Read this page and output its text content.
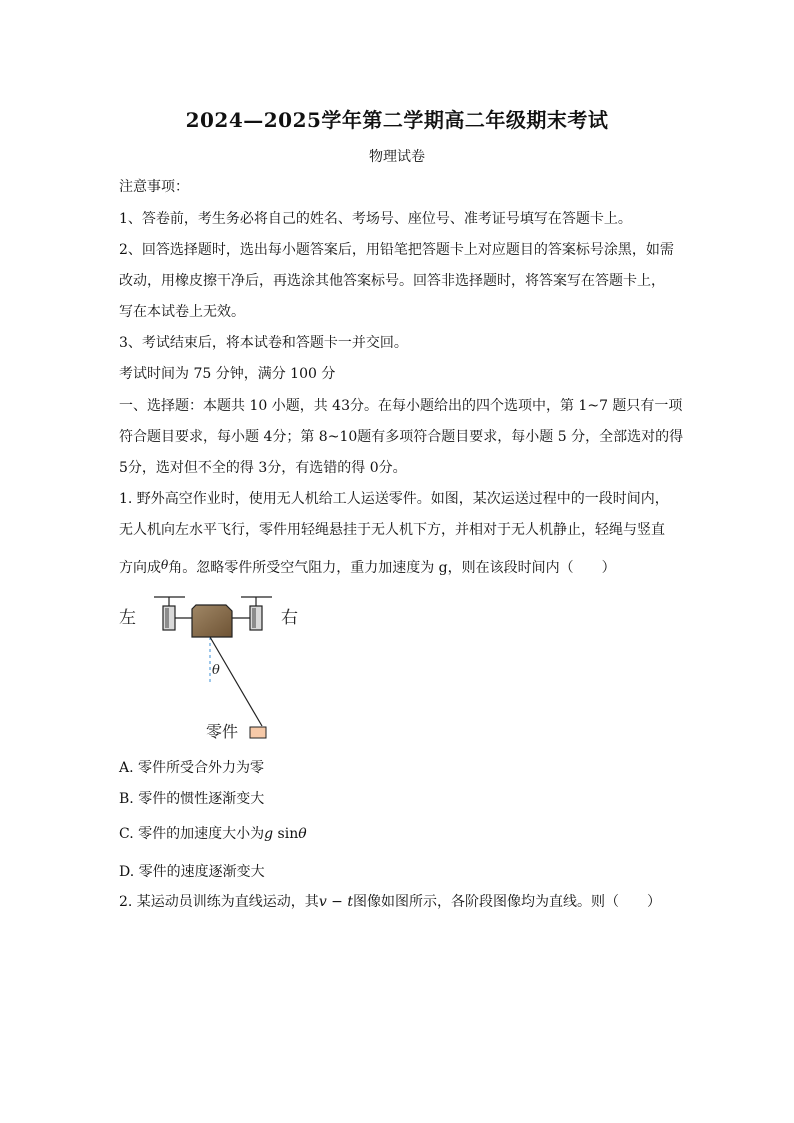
2024—2025学年第二学期高二年级期末考试
物理试卷
注意事项：
1、答卷前，考生务必将自己的姓名、考场号、座位号、准考证号填写在答题卡上。
2、回答选择题时，选出每小题答案后，用铅笔把答题卡上对应题目的答案标号涂黑，如需
改动，用橡皮擦干净后，再选涂其他答案标号。回答非选择题时，将答案写在答题卡上，
写在本试卷上无效。
3、考试结束后，将本试卷和答题卡一并交回。
考试时间为 75 分钟，满分 100 分
一、选择题：本题共 10 小题，共 43分。在每小题给出的四个选项中，第 1~7 题只有一项
符合题目要求，每小题 4分；第 8~10题有多项符合题目要求，每小题 5 分，全部选对的得
5分，选对但不全的得 3分，有选错的得 0分。
1. 野外高空作业时，使用无人机给工人运送零件。如图，某次运送过程中的一段时间内，
无人机向左水平飞行，零件用轻绳悬挂于无人机下方，并相对于无人机静止，轻绳与竖直
方向成θ角。忽略零件所受空气阻力，重力加速度为 g，则在该段时间内（　　）
左	右
θ
零件
A. 零件所受合外力为零
B. 零件的惯性逐渐变大
C. 零件的加速度大小为g sinθ
D. 零件的速度逐渐变大
2. 某运动员训练为直线运动，其v − t图像如图所示，各阶段图像均为直线。则（　　）
